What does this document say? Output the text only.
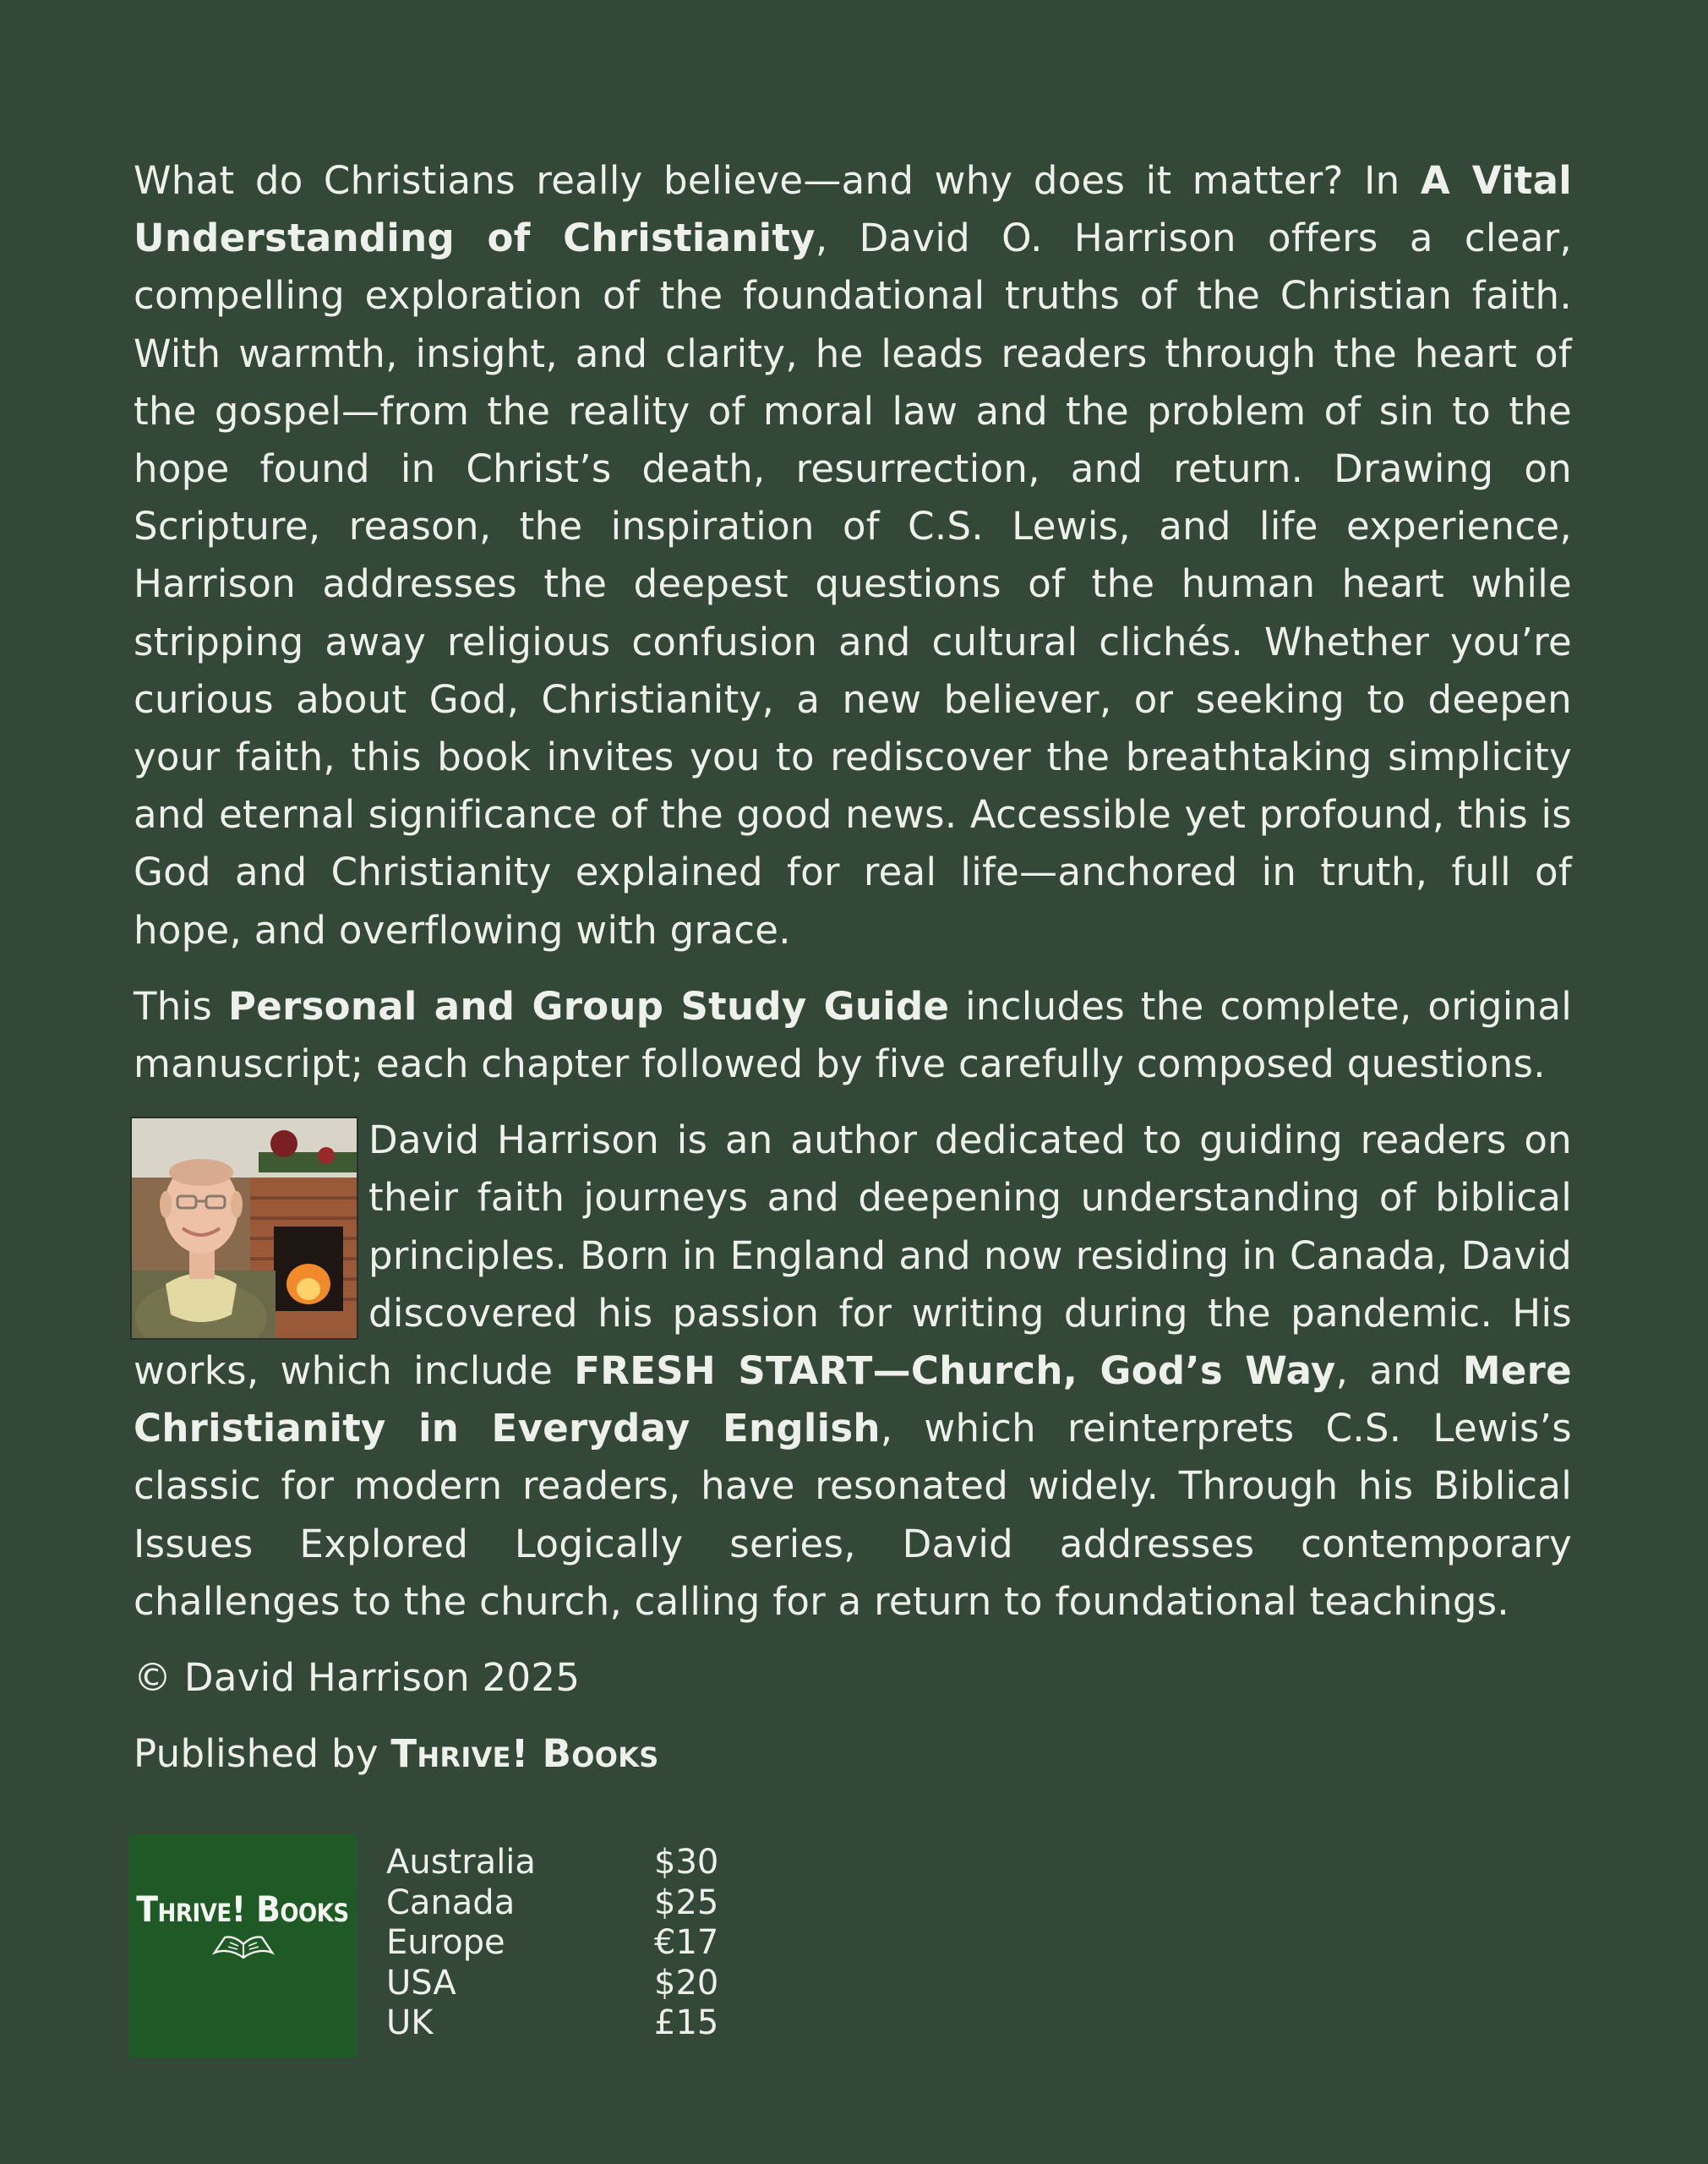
What do Christians really believe—and why does it matter? In A Vital Understanding of Christianity, David O. Harrison offers a clear, compelling exploration of the foundational truths of the Christian faith. With warmth, insight, and clarity, he leads readers through the heart of the gospel—from the reality of moral law and the problem of sin to the hope found in Christ’s death, resurrection, and return. Drawing on Scripture, reason, the inspiration of C.S. Lewis, and life experience, Harrison addresses the deepest questions of the human heart while stripping away religious confusion and cultural clichés. Whether you’re curious about God, Christianity, a new believer, or seeking to deepen your faith, this book invites you to rediscover the breathtaking simplicity and eternal significance of the good news. Accessible yet profound, this is God and Christianity explained for real life—anchored in truth, full of hope, and overflowing with grace.

This Personal and Group Study Guide includes the complete, original manuscript; each chapter followed by five carefully composed questions.

David Harrison is an author dedicated to guiding readers on their faith journeys and deepening understanding of biblical principles. Born in England and now residing in Canada, David discovered his passion for writing during the pandemic. His works, which include FRESH START—Church, God’s Way, and Mere Christianity in Everyday English, which reinterprets C.S. Lewis’s classic for modern readers, have resonated widely. Through his Biblical Issues Explored Logically series, David addresses contemporary challenges to the church, calling for a return to foundational teachings.

© David Harrison 2025

Published by Thrive! Books

Thrive! Books
Australia	$30
Canada	$25
Europe	€17
USA	$20
UK	£15
